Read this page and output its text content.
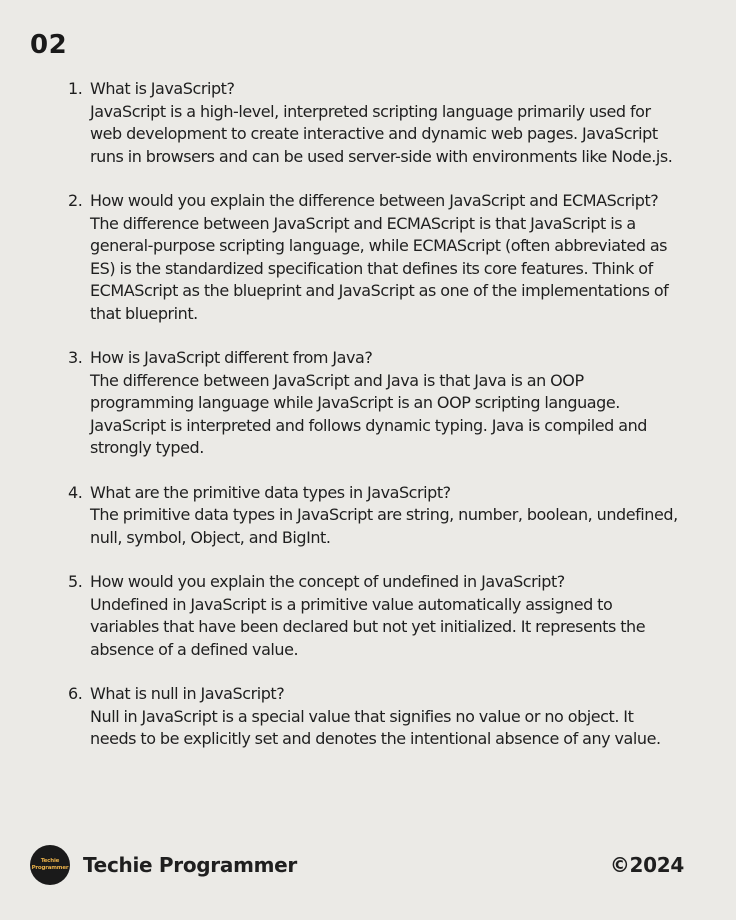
02
1. What is JavaScript?
JavaScript is a high-level, interpreted scripting language primarily used for web development to create interactive and dynamic web pages. JavaScript runs in browsers and can be used server-side with environments like Node.js.
2. How would you explain the difference between JavaScript and ECMAScript?
The difference between JavaScript and ECMAScript is that JavaScript is a general-purpose scripting language, while ECMAScript (often abbreviated as ES) is the standardized specification that defines its core features. Think of ECMAScript as the blueprint and JavaScript as one of the implementations of that blueprint.
3. How is JavaScript different from Java?
The difference between JavaScript and Java is that Java is an OOP programming language while JavaScript is an OOP scripting language. JavaScript is interpreted and follows dynamic typing. Java is compiled and strongly typed.
4. What are the primitive data types in JavaScript?
The primitive data types in JavaScript are string, number, boolean, undefined, null, symbol, Object, and BigInt.
5. How would you explain the concept of undefined in JavaScript?
Undefined in JavaScript is a primitive value automatically assigned to variables that have been declared but not yet initialized. It represents the absence of a defined value.
6. What is null in JavaScript?
Null in JavaScript is a special value that signifies no value or no object. It needs to be explicitly set and denotes the intentional absence of any value.
Techie
Programmer Techie Programmer	©2024
